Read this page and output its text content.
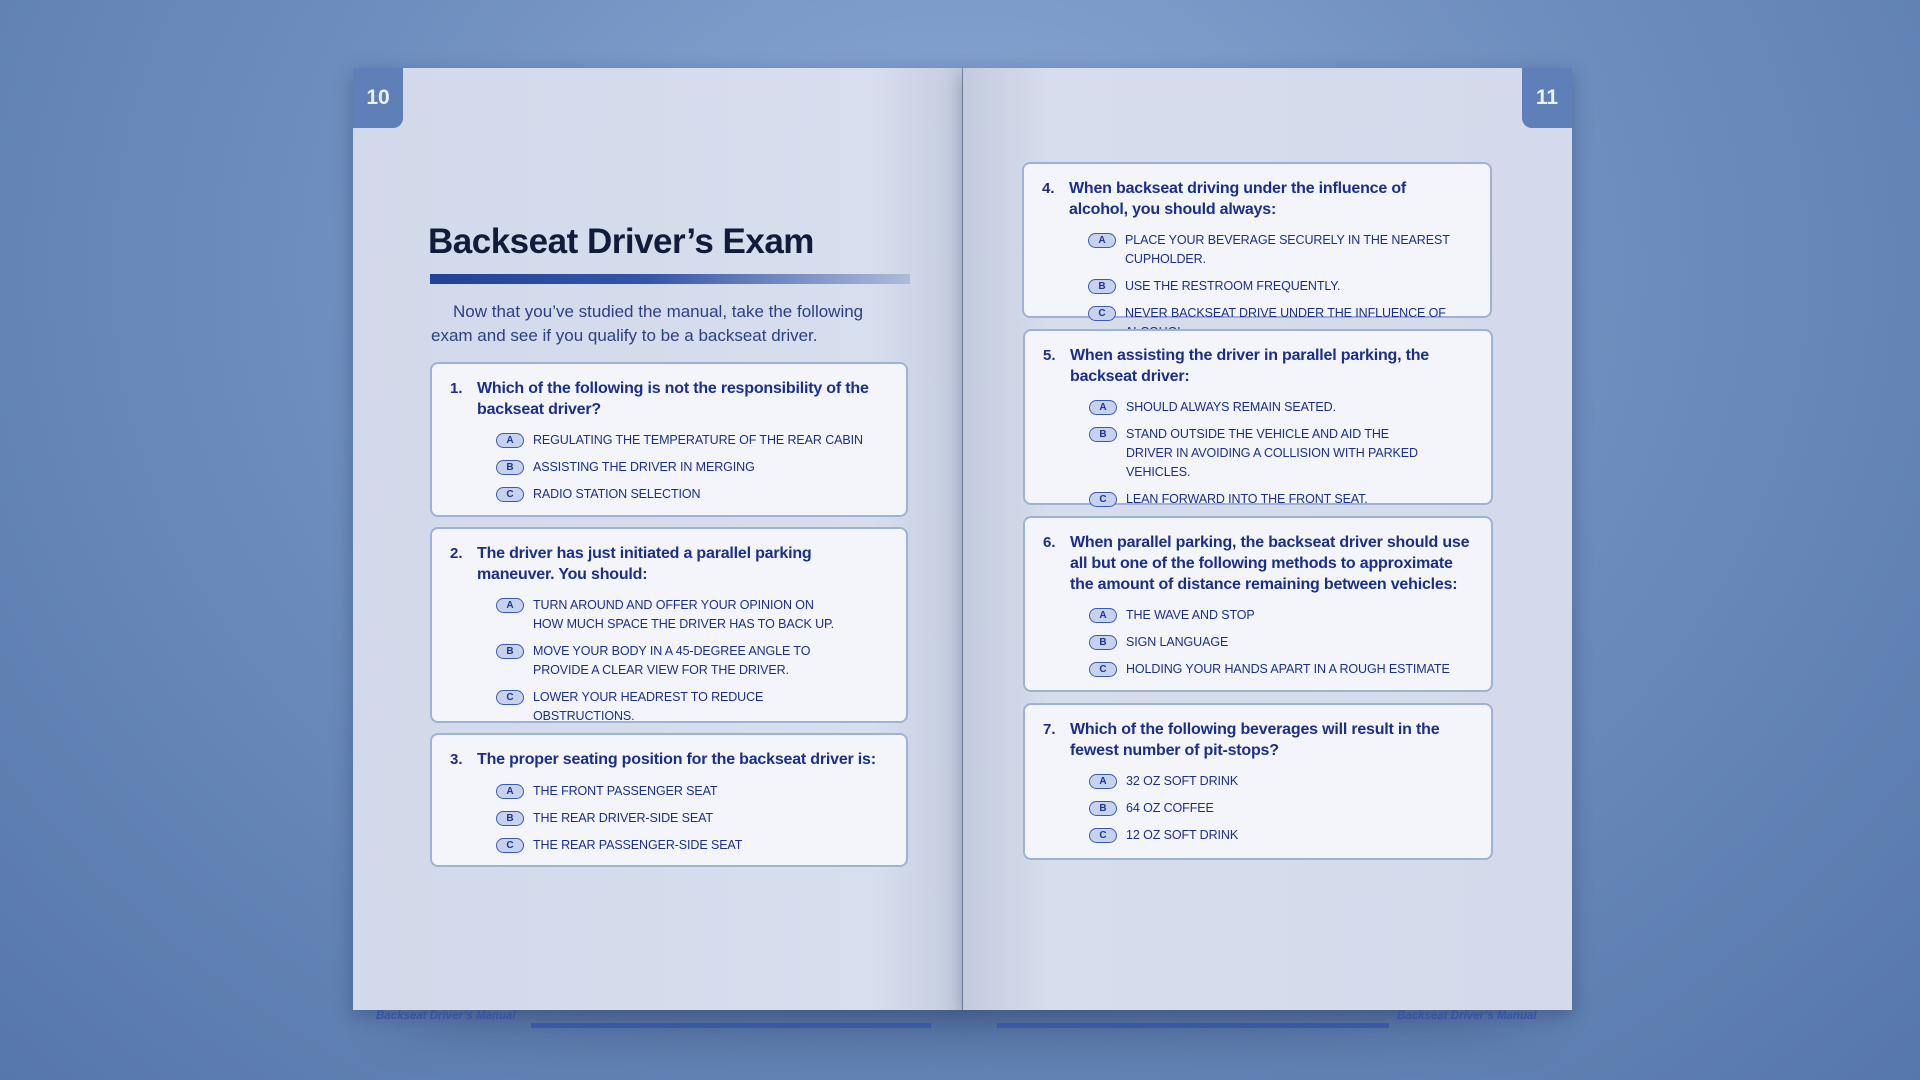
10
Backseat Driver’s Exam

Now that you’ve studied the manual, take the following exam and see if you qualify to be a backseat driver.

1. Which of the following is not the responsibility of the backseat driver?
A	REGULATING THE TEMPERATURE OF THE REAR CABIN
B	ASSISTING THE DRIVER IN MERGING
C	RADIO STATION SELECTION
2. The driver has just initiated a parallel parking maneuver. You should:
A	TURN AROUND AND OFFER YOUR OPINION ON HOW MUCH SPACE THE DRIVER HAS TO BACK UP.
B	MOVE YOUR BODY IN A 45-DEGREE ANGLE TO PROVIDE A CLEAR VIEW FOR THE DRIVER.
C	LOWER YOUR HEADREST TO REDUCE OBSTRUCTIONS.
3. The proper seating position for the backseat driver is:
A	THE FRONT PASSENGER SEAT
B	THE REAR DRIVER-SIDE SEAT
C	THE REAR PASSENGER-SIDE SEAT
Backseat Driver’s Manual
11
4. When backseat driving under the influence of alcohol, you should always:
A	PLACE YOUR BEVERAGE SECURELY IN THE NEAREST CUPHOLDER.
B	USE THE RESTROOM FREQUENTLY.
C	NEVER BACKSEAT DRIVE UNDER THE INFLUENCE OF
5. When assisting the driver in parallel parking, the backseat driver:
A	SHOULD ALWAYS REMAIN SEATED.
B	STAND OUTSIDE THE VEHICLE AND AID THE DRIVER IN AVOIDING A COLLISION WITH PARKED VEHICLES.
C	LEAN FORWARD INTO THE FRONT SEAT.
6. When parallel parking, the backseat driver should use all but one of the following methods to approximate the amount of distance remaining between vehicles:
A	THE WAVE AND STOP
B	SIGN LANGUAGE
C	HOLDING YOUR HANDS APART IN A ROUGH ESTIMATE
7. Which of the following beverages will result in the fewest number of pit-stops?
A	32 OZ SOFT DRINK
B	64 OZ COFFEE
C	12 OZ SOFT DRINK
Backseat Driver’s Manual
